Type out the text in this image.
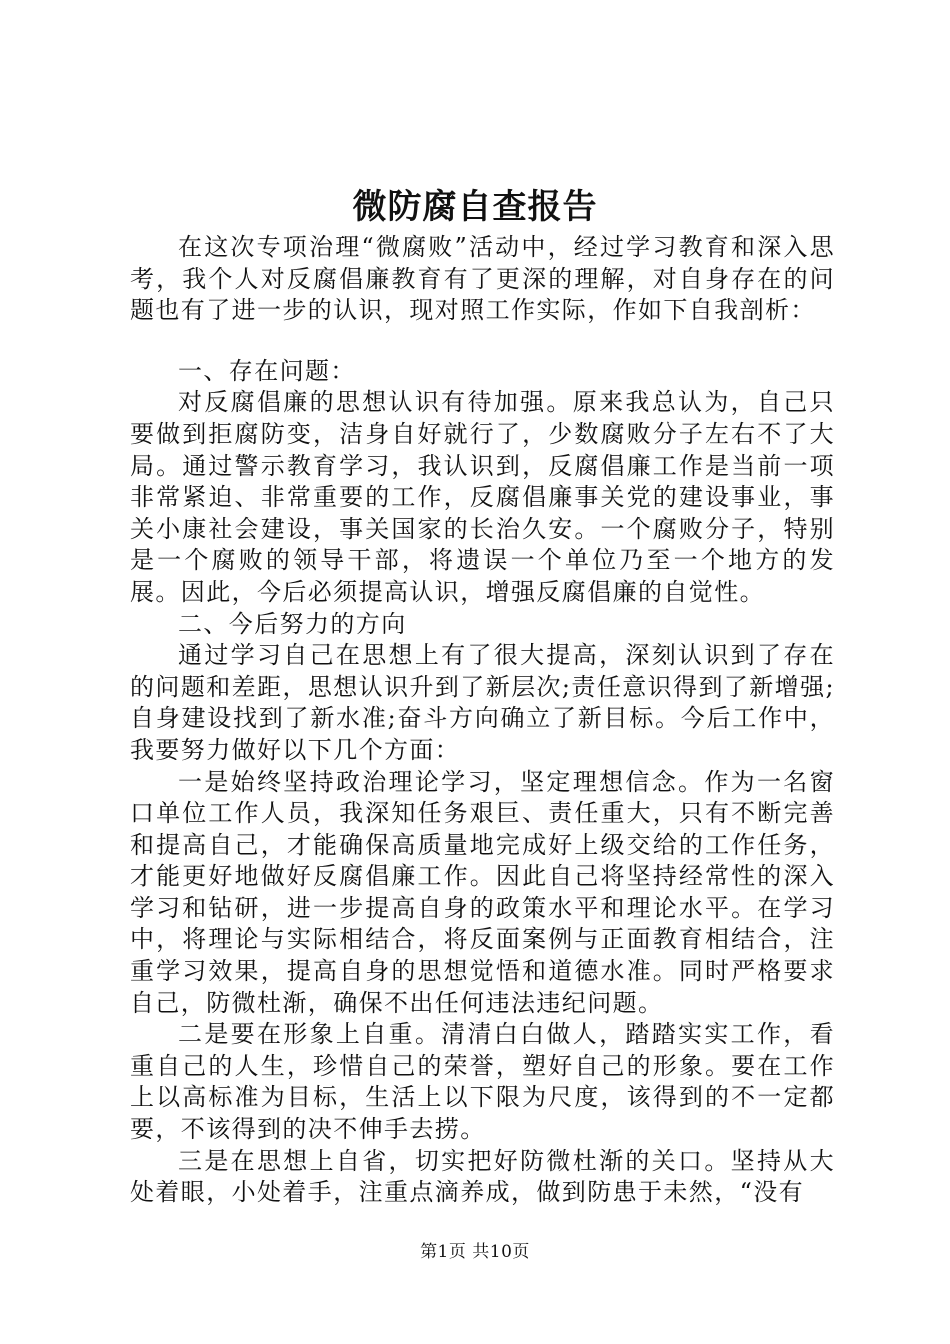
微防腐自查报告

在这次专项治理“微腐败”活动中，经过学习教育和深入思考，我个人对反腐倡廉教育有了更深的理解，对自身存在的问题也有了进一步的认识，现对照工作实际，作如下自我剖析：

一、存在问题：

对反腐倡廉的思想认识有待加强。原来我总认为，自己只要做到拒腐防变，洁身自好就行了，少数腐败分子左右不了大局。通过警示教育学习，我认识到，反腐倡廉工作是当前一项非常紧迫、非常重要的工作，反腐倡廉事关党的建设事业，事关小康社会建设，事关国家的长治久安。一个腐败分子，特别是一个腐败的领导干部，将遗误一个单位乃至一个地方的发展。因此，今后必须提高认识，增强反腐倡廉的自觉性。

二、今后努力的方向

通过学习自己在思想上有了很大提高，深刻认识到了存在的问题和差距，思想认识升到了新层次;责任意识得到了新增强;自身建设找到了新水准;奋斗方向确立了新目标。今后工作中，我要努力做好以下几个方面：

一是始终坚持政治理论学习，坚定理想信念。作为一名窗口单位工作人员，我深知任务艰巨、责任重大，只有不断完善和提高自己，才能确保高质量地完成好上级交给的工作任务，才能更好地做好反腐倡廉工作。因此自己将坚持经常性的深入学习和钻研，进一步提高自身的政策水平和理论水平。在学习中，将理论与实际相结合，将反面案例与正面教育相结合，注重学习效果，提高自身的思想觉悟和道德水准。同时严格要求自己，防微杜渐，确保不出任何违法违纪问题。

二是要在形象上自重。清清白白做人，踏踏实实工作，看重自己的人生，珍惜自己的荣誉，塑好自己的形象。要在工作上以高标准为目标，生活上以下限为尺度，该得到的不一定都要，不该得到的决不伸手去捞。

三是在思想上自省，切实把好防微杜渐的关口。坚持从大处着眼，小处着手，注重点滴养成，做到防患于未然，“没有

第1页 共10页
